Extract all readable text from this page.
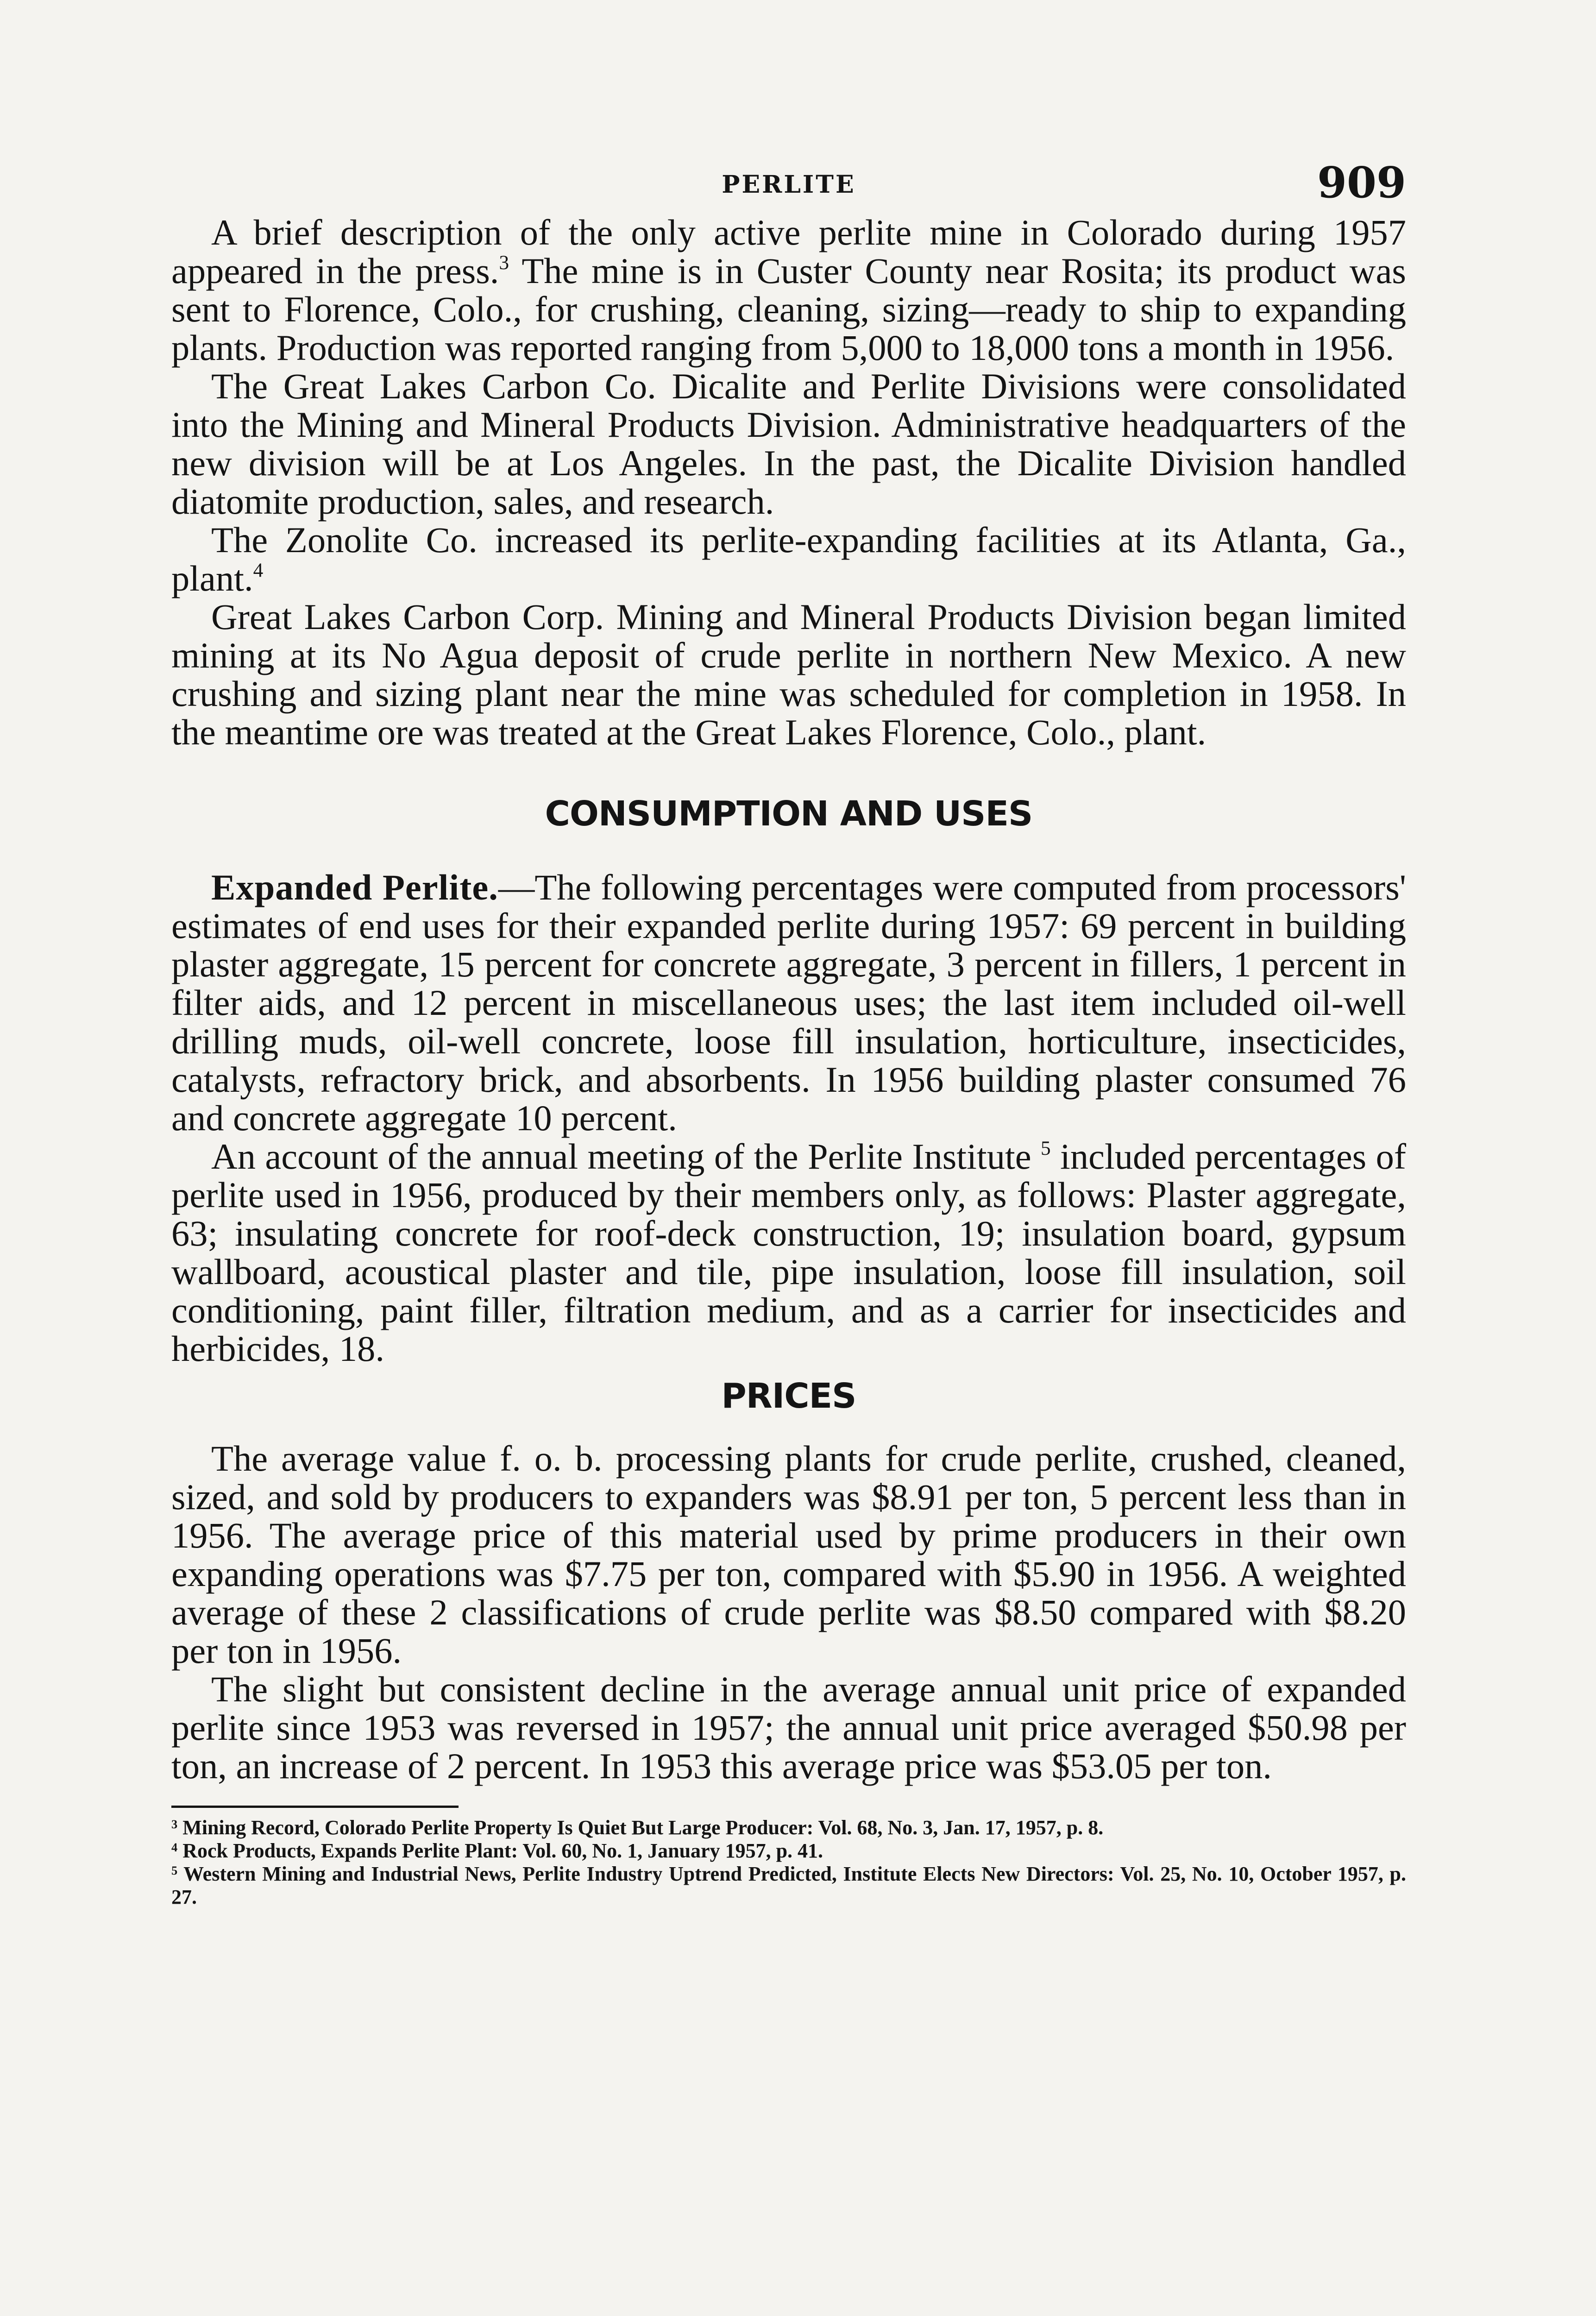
PERLITE	909

A brief description of the only active perlite mine in Colorado during 1957 appeared in the press.$^3$ The mine is in Custer County near Rosita; its product was sent to Florence, Colo., for crushing, cleaning, sizing—ready to ship to expanding plants. Production was reported ranging from 5,000 to 18,000 tons a month in 1956.

The Great Lakes Carbon Co. Dicalite and Perlite Divisions were consolidated into the Mining and Mineral Products Division. Administrative headquarters of the new division will be at Los Angeles. In the past, the Dicalite Division handled diatomite production, sales, and research.

The Zonolite Co. increased its perlite-expanding facilities at its Atlanta, Ga., plant.$^4$

Great Lakes Carbon Corp. Mining and Mineral Products Division began limited mining at its No Agua deposit of crude perlite in northern New Mexico. A new crushing and sizing plant near the mine was scheduled for completion in 1958. In the meantime ore was treated at the Great Lakes Florence, Colo., plant.

CONSUMPTION AND USES

Expanded Perlite.—The following percentages were computed from processors' estimates of end uses for their expanded perlite during 1957: 69 percent in building plaster aggregate, 15 percent for concrete aggregate, 3 percent in fillers, 1 percent in filter aids, and 12 percent in miscellaneous uses; the last item included oil-well drilling muds, oil-well concrete, loose fill insulation, horticulture, insecticides, catalysts, refractory brick, and absorbents. In 1956 building plaster consumed 76 and concrete aggregate 10 percent.

An account of the annual meeting of the Perlite Institute $^5$ included percentages of perlite used in 1956, produced by their members only, as follows: Plaster aggregate, 63; insulating concrete for roof-deck construction, 19; insulation board, gypsum wallboard, acoustical plaster and tile, pipe insulation, loose fill insulation, soil conditioning, paint filler, filtration medium, and as a carrier for insecticides and herbicides, 18.

PRICES

The average value f. o. b. processing plants for crude perlite, crushed, cleaned, sized, and sold by producers to expanders was $8.91 per ton, 5 percent less than in 1956. The average price of this material used by prime producers in their own expanding operations was $7.75 per ton, compared with $5.90 in 1956. A weighted average of these 2 classifications of crude perlite was $8.50 compared with $8.20 per ton in 1956.

The slight but consistent decline in the average annual unit price of expanded perlite since 1953 was reversed in 1957; the annual unit price averaged $50.98 per ton, an increase of 2 percent. In 1953 this average price was $53.05 per ton.

$^3$ Mining Record, Colorado Perlite Property Is Quiet But Large Producer: Vol. 68, No. 3, Jan. 17, 1957, p. 8.

$^4$ Rock Products, Expands Perlite Plant: Vol. 60, No. 1, January 1957, p. 41.

$^5$ Western Mining and Industrial News, Perlite Industry Uptrend Predicted, Institute Elects New Directors: Vol. 25, No. 10, October 1957, p. 27.
